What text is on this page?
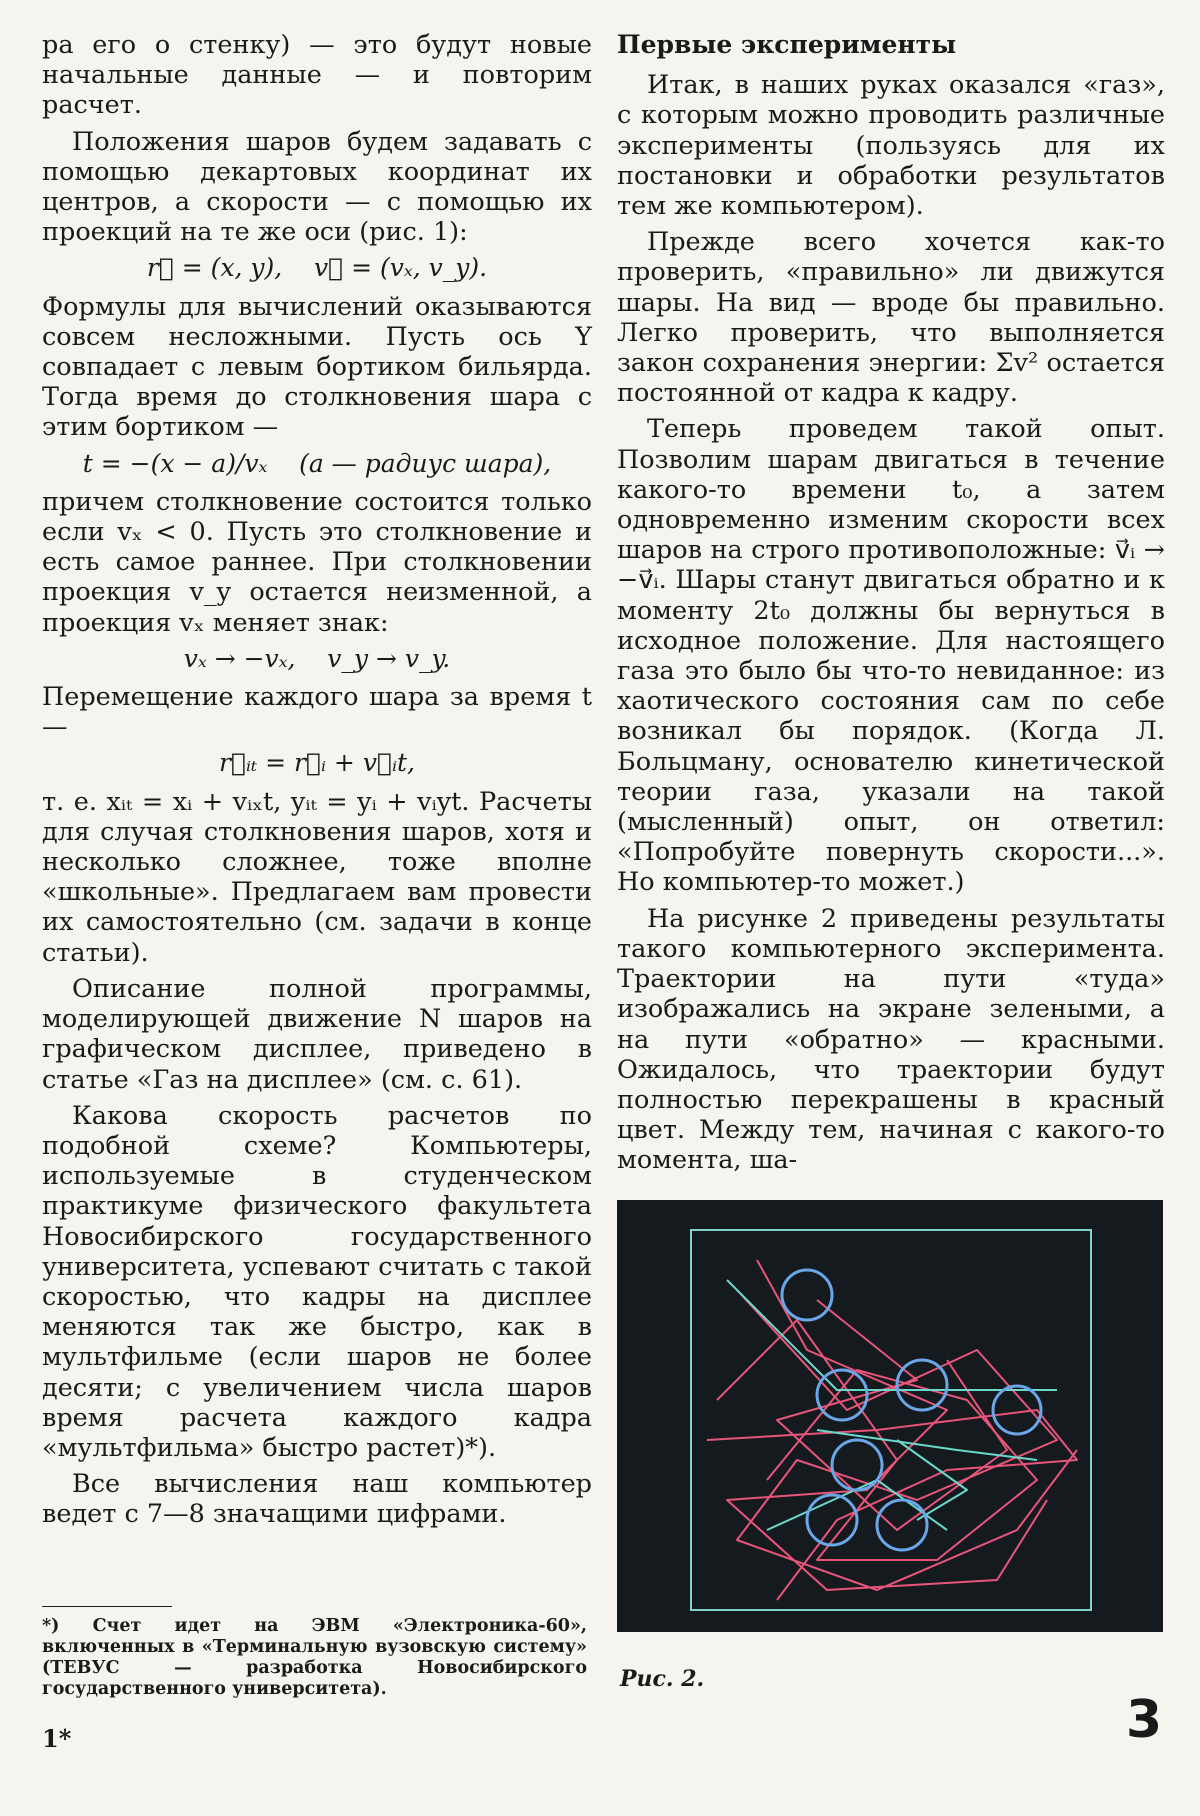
ра его о стенку) — это будут новые начальные данные — и повторим расчет.

Положения шаров будем задавать с помощью декартовых координат их центров, а скорости — с помощью их проекций на те же оси (рис. 1):

r⃗ = (x, y),    v⃗ = (vₓ, v_y).

Формулы для вычислений оказываются совсем несложными. Пусть ось Y совпадает с левым бортиком бильярда. Тогда время до столкновения шара с этим бортиком —

t = −(x − a)/vₓ    (a — радиус шара),

причем столкновение состоится только если vₓ < 0. Пусть это столкновение и есть самое раннее. При столкновении проекция v_y остается неизменной, а проекция vₓ меняет знак:

vₓ → −vₓ,    v_y → v_y.

Перемещение каждого шара за время t —

r⃗ᵢₜ = r⃗ᵢ + v⃗ᵢt,

т. е. xᵢₜ = xᵢ + vᵢₓt, yᵢₜ = yᵢ + vᵢyt. Расчеты для случая столкновения шаров, хотя и несколько сложнее, тоже вполне «школьные». Предлагаем вам провести их самостоятельно (см. задачи в конце статьи).

Описание полной программы, моделирующей движение N шаров на графическом дисплее, приведено в статье «Газ на дисплее» (см. с. 61).

Какова скорость расчетов по подобной схеме? Компьютеры, используемые в студенческом практикуме физического факультета Новосибирского государственного университета, успевают считать с такой скоростью, что кадры на дисплее меняются так же быстро, как в мультфильме (если шаров не более десяти; с увеличением числа шаров время расчета каждого кадра «мультфильма» быстро растет)*).

Все вычисления наш компьютер ведет с 7—8 значащими цифрами.

Первые эксперименты

Итак, в наших руках оказался «газ», с которым можно проводить различные эксперименты (пользуясь для их постановки и обработки результатов тем же компьютером).

Прежде всего хочется как-то проверить, «правильно» ли движутся шары. На вид — вроде бы правильно. Легко проверить, что выполняется закон сохранения энергии: Σv² остается постоянной от кадра к кадру.

Теперь проведем такой опыт. Позволим шарам двигаться в течение какого-то времени t₀, а затем одновременно изменим скорости всех шаров на строго противоположные: v⃗ᵢ → −v⃗ᵢ. Шары станут двигаться обратно и к моменту 2t₀ должны бы вернуться в исходное положение. Для настоящего газа это было бы что-то невиданное: из хаотического состояния сам по себе возникал бы порядок. (Когда Л. Больцману, основателю кинетической теории газа, указали на такой (мысленный) опыт, он ответил: «Попробуйте повернуть скорости...». Но компьютер-то может.)

На рисунке 2 приведены результаты такого компьютерного эксперимента. Траектории на пути «туда» изображались на экране зелеными, а на пути «обратно» — красными. Ожидалось, что траектории будут полностью перекрашены в красный цвет. Между тем, начиная с какого-то момента, ша-

Рис. 2.
*) Счет идет на ЭВМ «Электроника-60», включенных в «Терминальную вузовскую систему» (ТЕВУС — разработка Новосибирского государственного университета).
1*	3
